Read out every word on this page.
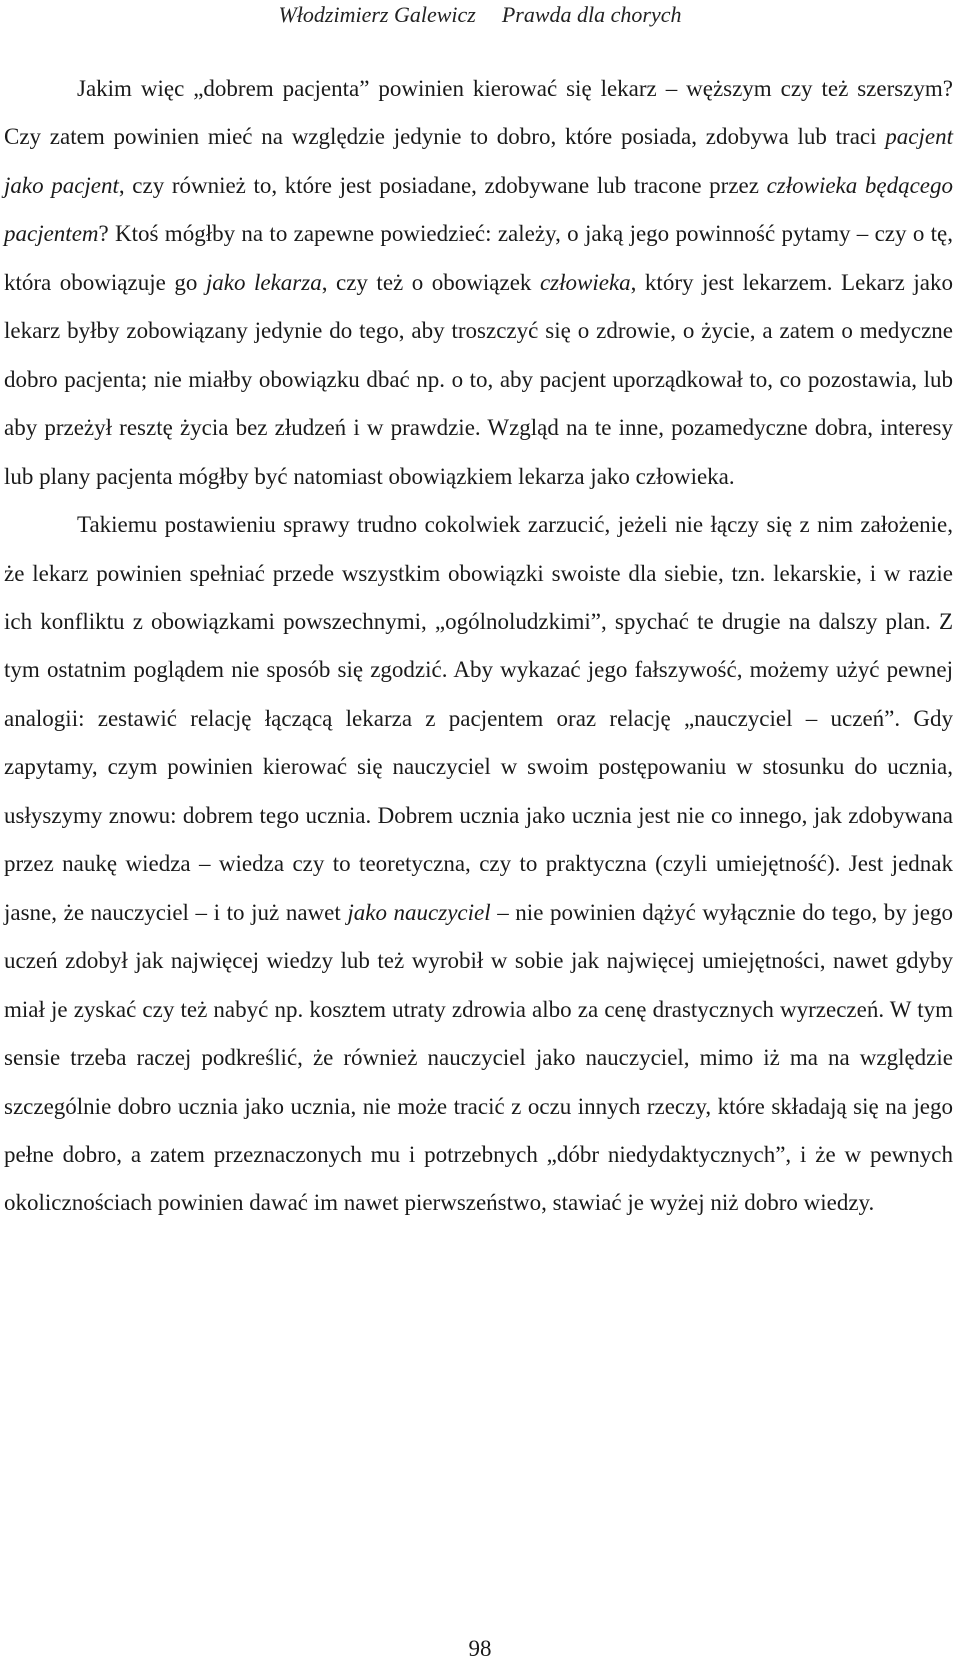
Włodzimierz Galewicz Prawda dla chorych

Jakim więc „dobrem pacjenta” powinien kierować się lekarz – węższym czy też szerszym? Czy zatem powinien mieć na względzie jedynie to dobro, które posiada, zdobywa lub traci pacjent jako pacjent, czy również to, które jest posiadane, zdobywane lub tracone przez człowieka będącego pacjentem? Ktoś mógłby na to zapewne powiedzieć: zależy, o jaką jego powinność pytamy – czy o tę, która obowiązuje go jako lekarza, czy też o obowiązek człowieka, który jest lekarzem. Lekarz jako lekarz byłby zobowiązany jedynie do tego, aby troszczyć się o zdrowie, o życie, a zatem o medyczne dobro pacjenta; nie miałby obowiązku dbać np. o to, aby pacjent uporządkował to, co pozostawia, lub aby przeżył resztę życia bez złudzeń i w prawdzie. Wzgląd na te inne, pozamedyczne dobra, interesy lub plany pacjenta mógłby być natomiast obowiązkiem lekarza jako człowieka.

Takiemu postawieniu sprawy trudno cokolwiek zarzucić, jeżeli nie łączy się z nim założenie, że lekarz powinien spełniać przede wszystkim obowiązki swoiste dla siebie, tzn. lekarskie, i w razie ich konfliktu z obowiązkami powszechnymi, „ogólnoludzkimi”, spychać te drugie na dalszy plan. Z tym ostatnim poglądem nie sposób się zgodzić. Aby wykazać jego fałszywość, możemy użyć pewnej analogii: zestawić relację łączącą lekarza z pacjentem oraz relację „nauczyciel – uczeń”. Gdy zapytamy, czym powinien kierować się nauczyciel w swoim postępowaniu w stosunku do ucznia, usłyszymy znowu: dobrem tego ucznia. Dobrem ucznia jako ucznia jest nie co innego, jak zdobywana przez naukę wiedza – wiedza czy to teoretyczna, czy to praktyczna (czyli umiejętność). Jest jednak jasne, że nauczyciel – i to już nawet jako nauczyciel – nie powinien dążyć wyłącznie do tego, by jego uczeń zdobył jak najwięcej wiedzy lub też wyrobił w sobie jak najwięcej umiejętności, nawet gdyby miał je zyskać czy też nabyć np. kosztem utraty zdrowia albo za cenę drastycznych wyrzeczeń. W tym sensie trzeba raczej podkreślić, że również nauczyciel jako nauczyciel, mimo iż ma na względzie szczególnie dobro ucznia jako ucznia, nie może tracić z oczu innych rzeczy, które składają się na jego pełne dobro, a zatem przeznaczonych mu i potrzebnych „dóbr niedydaktycznych”, i że w pewnych okolicznościach powinien dawać im nawet pierwszeństwo, stawiać je wyżej niż dobro wiedzy.

98
